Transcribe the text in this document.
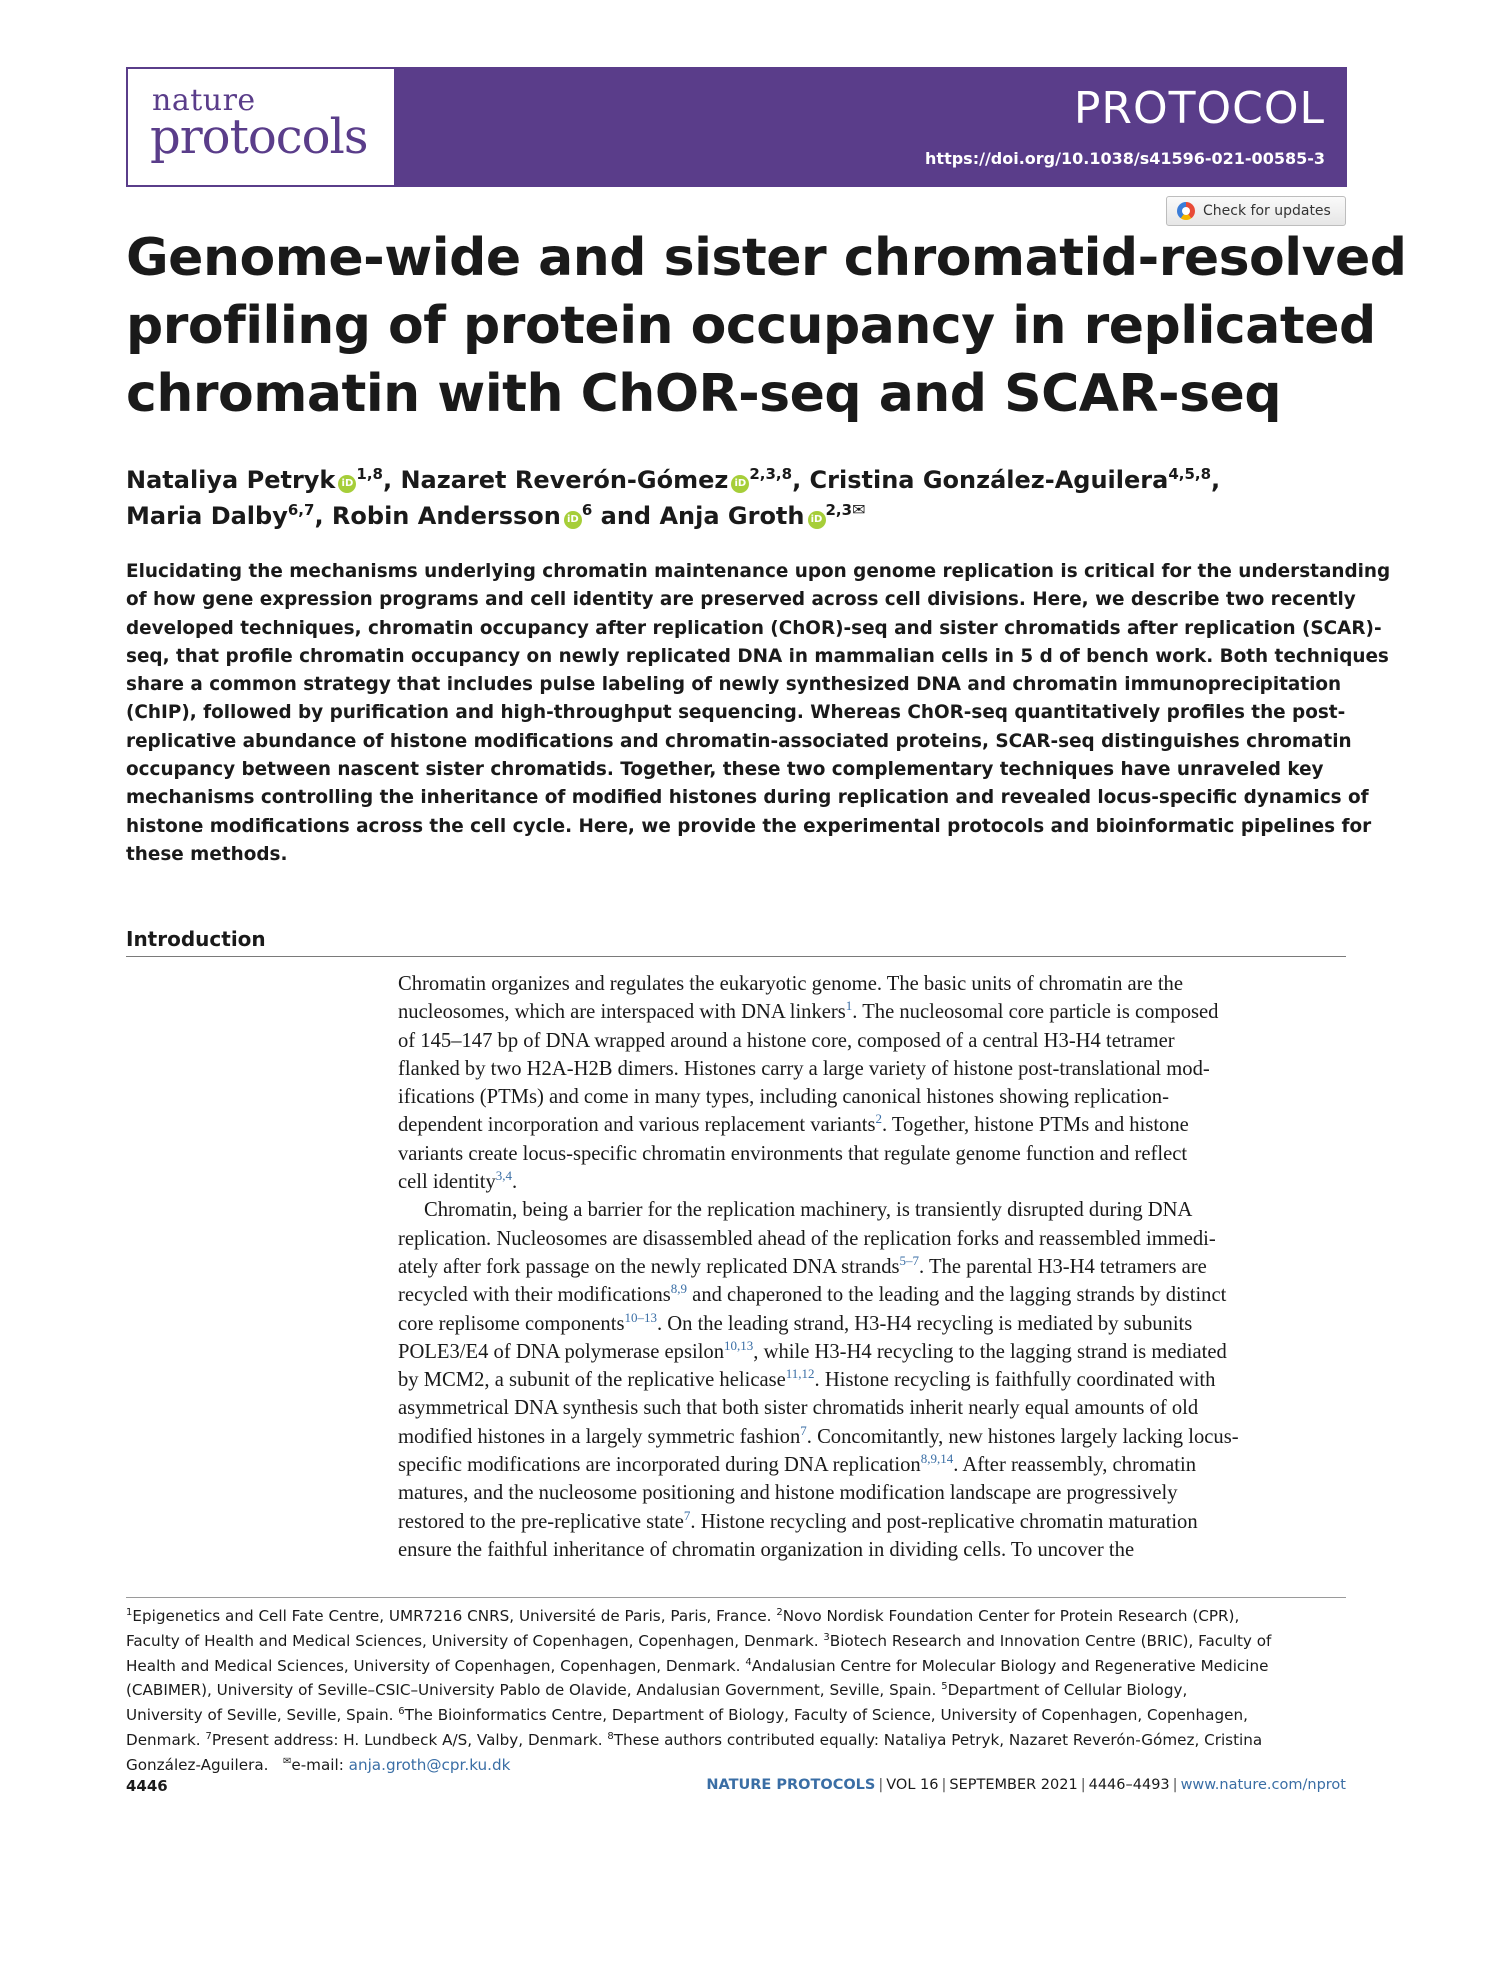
nature
protocols
PROTOCOL
https://doi.org/10.1038/s41596-021-00585-3
Check for updates
Genome-wide and sister chromatid-resolved
profiling of protein occupancy in replicated
chromatin with ChOR-seq and SCAR-seq
Nataliya Petryk iD$^{1,8}$, Nazaret Reverón-Gómez iD$^{2,3,8}$, Cristina González-Aguilera$^{4,5,8}$,
Maria Dalby$^{6,7}$, Robin Andersson $iD^6$ and Anja Groth $iD^{2,3✉}$
Elucidating the mechanisms underlying chromatin maintenance upon genome replication is critical for the understanding
of how gene expression programs and cell identity are preserved across cell divisions. Here, we describe two recently
developed techniques, chromatin occupancy after replication (ChOR)-seq and sister chromatids after replication (SCAR)-
seq, that profile chromatin occupancy on newly replicated DNA in mammalian cells in 5 d of bench work. Both techniques
share a common strategy that includes pulse labeling of newly synthesized DNA and chromatin immunoprecipitation
(ChIP), followed by purification and high-throughput sequencing. Whereas ChOR-seq quantitatively profiles the post-
replicative abundance of histone modifications and chromatin-associated proteins, SCAR-seq distinguishes chromatin
occupancy between nascent sister chromatids. Together, these two complementary techniques have unraveled key
mechanisms controlling the inheritance of modified histones during replication and revealed locus-specific dynamics of
histone modifications across the cell cycle. Here, we provide the experimental protocols and bioinformatic pipelines for
these methods.
Introduction
Chromatin organizes and regulates the eukaryotic genome. The basic units of chromatin are the
nucleosomes, which are interspaced with DNA linkers$^1$. The nucleosomal core particle is composed
of 145–147 bp of DNA wrapped around a histone core, composed of a central H3-H4 tetramer
flanked by two H2A-H2B dimers. Histones carry a large variety of histone post-translational mod-
ifications (PTMs) and come in many types, including canonical histones showing replication-
dependent incorporation and various replacement variants$^2$. Together, histone PTMs and histone
variants create locus-specific chromatin environments that regulate genome function and reflect
cell identity$^{3,4}$.
Chromatin, being a barrier for the replication machinery, is transiently disrupted during DNA
replication. Nucleosomes are disassembled ahead of the replication forks and reassembled immedi-
ately after fork passage on the newly replicated DNA strands$^{5-7}$. The parental H3-H4 tetramers are
recycled with their modifications$^{8,9}$ and chaperoned to the leading and the lagging strands by distinct
core replisome components$^{10-13}$. On the leading strand, H3-H4 recycling is mediated by subunits
POLE3/E4 of DNA polymerase epsilon$^{10,13}$, while H3-H4 recycling to the lagging strand is mediated
by MCM2, a subunit of the replicative helicase$^{11,12}$. Histone recycling is faithfully coordinated with
asymmetrical DNA synthesis such that both sister chromatids inherit nearly equal amounts of old
modified histones in a largely symmetric fashion$^7$. Concomitantly, new histones largely lacking locus-
specific modifications are incorporated during DNA replication$^{8,9,14}$. After reassembly, chromatin
matures, and the nucleosome positioning and histone modification landscape are progressively
restored to the pre-replicative state$^7$. Histone recycling and post-replicative chromatin maturation
ensure the faithful inheritance of chromatin organization in dividing cells. To uncover the
$^1$Epigenetics and Cell Fate Centre, UMR7216 CNRS, Université de Paris, Paris, France. $^2$Novo Nordisk Foundation Center for Protein Research (CPR),
Faculty of Health and Medical Sciences, University of Copenhagen, Copenhagen, Denmark. $^3$Biotech Research and Innovation Centre (BRIC), Faculty of
Health and Medical Sciences, University of Copenhagen, Copenhagen, Denmark. $^4$Andalusian Centre for Molecular Biology and Regenerative Medicine
(CABIMER), University of Seville–CSIC–University Pablo de Olavide, Andalusian Government, Seville, Spain. $^5$Department of Cellular Biology,
University of Seville, Seville, Spain. $^6$The Bioinformatics Centre, Department of Biology, Faculty of Science, University of Copenhagen, Copenhagen,
Denmark. $^7$Present address: H. Lundbeck A/S, Valby, Denmark. $^8$These authors contributed equally: Nataliya Petryk, Nazaret Reverón-Gómez, Cristina
González-Aguilera. ✉e-mail: anja.groth@cpr.ku.dk
4446	NATURE PROTOCOLS | VOL 16 | SEPTEMBER 2021 | 4446–4493 | www.nature.com/nprot
